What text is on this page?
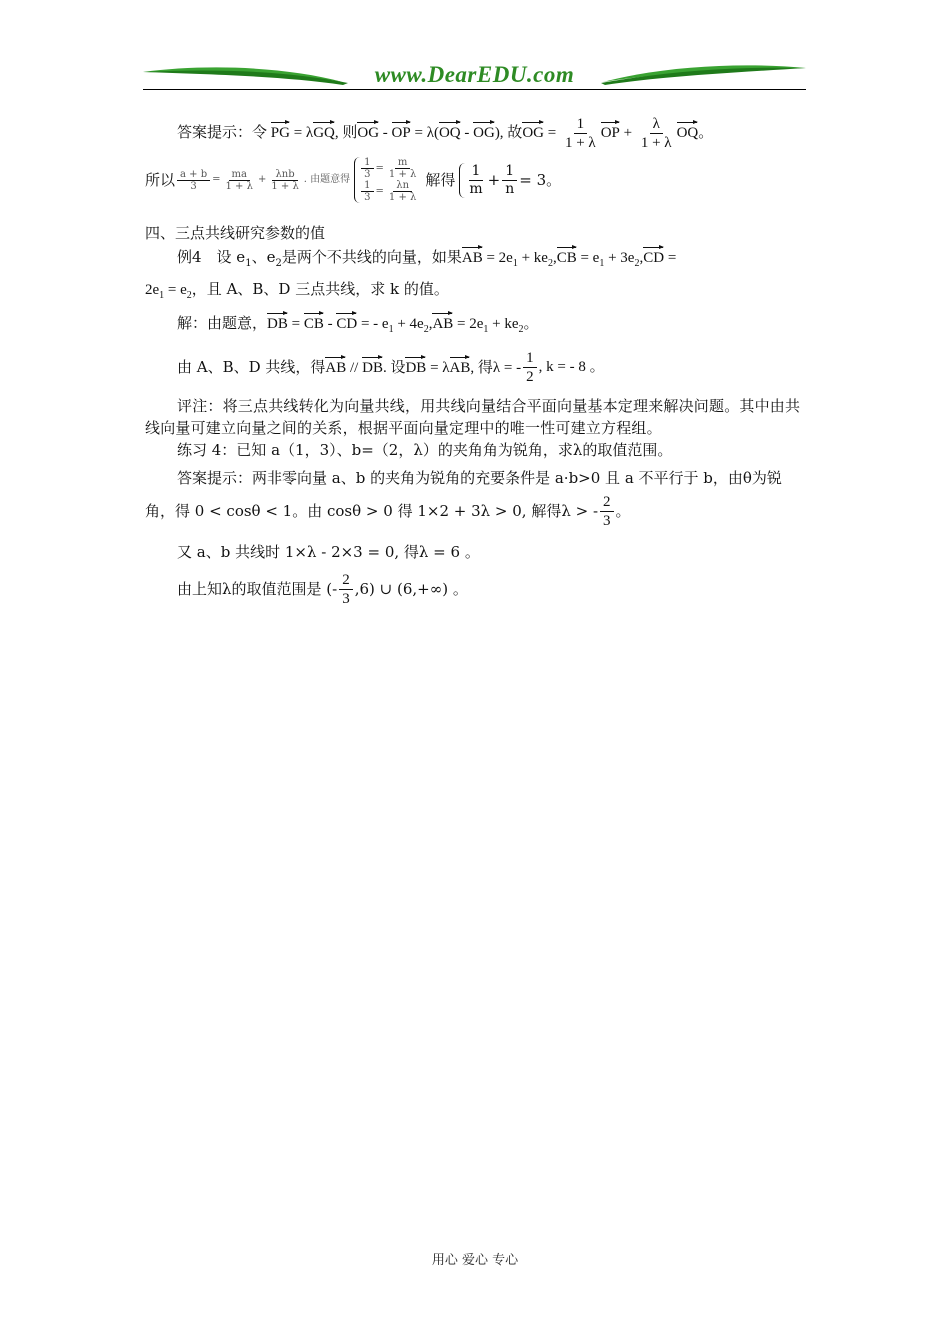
www.DearEDU.com
答案提示：令 PG = λGQ, 则OG - OP = λ(OQ - OG), 故OG = $\frac{1}{1 + \lambda}$ OP + $\frac{\lambda}{1 + \lambda}$ OQ。
所以 $\frac{a + b}{3} = \frac{ma}{1 + \lambda} + \frac{\text{λnb}}{1 + \lambda}$ . 由题意得 $\frac{1}{3} = \frac{m}{1 + \lambda}$
$\frac{1}{3} = \frac{\lambda n}{1 + \lambda}$ 解得 $\frac{1}{m} + \frac{1}{n} = 3$ 。
四、三点共线研究参数的值
例4　设 $e_1$、$e_2$是两个不共线的向量，如果AB = $2e_1 + ke_2,CB = e_1 + 3e_2,CD$ =
$2e_1 = e_2$，且 A、B、D 三点共线，求 k 的值。
解：由题意，DB = CB - CD = - $e_1 + 4e_2,AB = 2e_1 + ke_2$。
由 A、B、D 共线，得 AB // DB. 设DB = λAB, 得λ = - $\frac{1}{2}$ , k = - 8 。
评注：将三点共线转化为向量共线，用共线向量结合平面向量基本定理来解决问题。其中由共线向量可建立向量之间的关系，根据平面向量定理中的唯一性可建立方程组。
练习 4：已知 a（1，3）、b=（2，λ）的夹角角为锐角，求λ的取值范围。
答案提示：两非零向量 a、b 的夹角为锐角的充要条件是 a·b>0 且 a 不平行于 b，由θ为锐
角，得 0 < cosθ < 1。由 cosθ > 0 得 1×2 + 3λ > 0, 解得λ > - $\frac{2}{3}$ 。
又 a、b 共线时 1×λ - 2×3 = 0, 得λ = 6 。
由上知λ的取值范围是 (- $\frac{2}{3} ,6$) ∪ (6,+∞) 。
用心 爱心 专心
